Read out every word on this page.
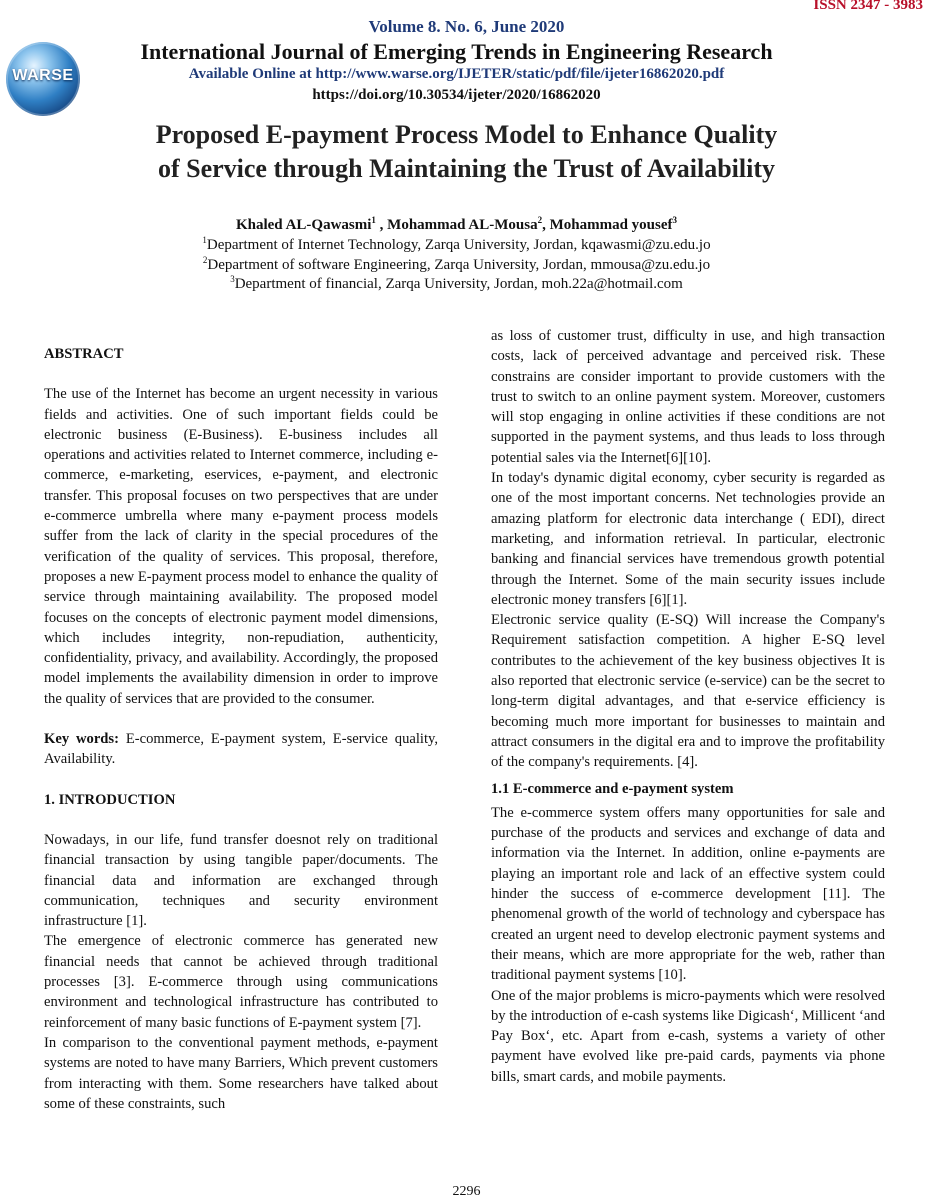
ISSN 2347 - 3983
WARSE
Volume 8. No. 6, June 2020
International Journal of Emerging Trends in Engineering Research
Available Online at http://www.warse.org/IJETER/static/pdf/file/ijeter16862020.pdf
https://doi.org/10.30534/ijeter/2020/16862020
Proposed E-payment Process Model to Enhance Quality
of Service through Maintaining the Trust of Availability
Khaled AL-Qawasmi$^1$ , Mohammad AL-Mousa$^2$, Mohammad yousef$^3$
$^1$Department of Internet Technology, Zarqa University, Jordan, kqawasmi@zu.edu.jo
$^2$Department of software Engineering, Zarqa University, Jordan, mmousa@zu.edu.jo
$^3$Department of financial, Zarqa University, Jordan, moh.22a@hotmail.com

ABSTRACT

The use of the Internet has become an urgent necessity in various fields and activities. One of such important fields could be electronic business (E-Business). E-business includes all operations and activities related to Internet commerce, including e-commerce, e-marketing, eservices, e-payment, and electronic transfer. This proposal focuses on two perspectives that are under e-commerce umbrella where many e-payment process models suffer from the lack of clarity in the special procedures of the verification of the quality of services. This proposal, therefore, proposes a new E-payment process model to enhance the quality of service through maintaining availability. The proposed model focuses on the concepts of electronic payment model dimensions, which includes integrity, non-repudiation, authenticity, confidentiality, privacy, and availability. Accordingly, the proposed model implements the availability dimension in order to improve the quality of services that are provided to the consumer.

Key words: E-commerce, E-payment system, E-service quality, Availability.

1. INTRODUCTION

Nowadays, in our life, fund transfer doesnot rely on traditional financial transaction by using tangible paper/documents. The financial data and information are exchanged through communication, techniques and security environment infrastructure [1].

The emergence of electronic commerce has generated new financial needs that cannot be achieved through traditional processes [3]. E-commerce through using communications environment and technological infrastructure has contributed to reinforcement of many basic functions of E-payment system [7].

In comparison to the conventional payment methods, e-payment systems are noted to have many Barriers, Which prevent customers from interacting with them. Some researchers have talked about some of these constraints, such

as loss of customer trust, difficulty in use, and high transaction costs, lack of perceived advantage and perceived risk. These constrains are consider important to provide customers with the trust to switch to an online payment system. Moreover, customers will stop engaging in online activities if these conditions are not supported in the payment systems, and thus leads to loss through potential sales via the Internet[6][10].

In today's dynamic digital economy, cyber security is regarded as one of the most important concerns. Net technologies provide an amazing platform for electronic data interchange ( EDI), direct marketing, and information retrieval. In particular, electronic banking and financial services have tremendous growth potential through the Internet. Some of the main security issues include electronic money transfers [6][1].

Electronic service quality (E-SQ) Will increase the Company's Requirement satisfaction competition. A higher E-SQ level contributes to the achievement of the key business objectives It is also reported that electronic service (e-service) can be the secret to long-term digital advantages, and that e-service efficiency is becoming much more important for businesses to maintain and attract consumers in the digital era and to improve the profitability of the company's requirements. [4].

1.1 E-commerce and e-payment system

The e-commerce system offers many opportunities for sale and purchase of the products and services and exchange of data and information via the Internet. In addition, online e-payments are playing an important role and lack of an effective system could hinder the success of e-commerce development [11]. The phenomenal growth of the world of technology and cyberspace has created an urgent need to develop electronic payment systems and their means, which are more appropriate for the web, rather than traditional payment systems [10].

One of the major problems is micro-payments which were resolved by the introduction of e-cash systems like Digicash‘, Millicent ‘and Pay Box‘, etc. Apart from e-cash, systems a variety of other payment have evolved like pre-paid cards, payments via phone bills, smart cards, and mobile payments.

2296
